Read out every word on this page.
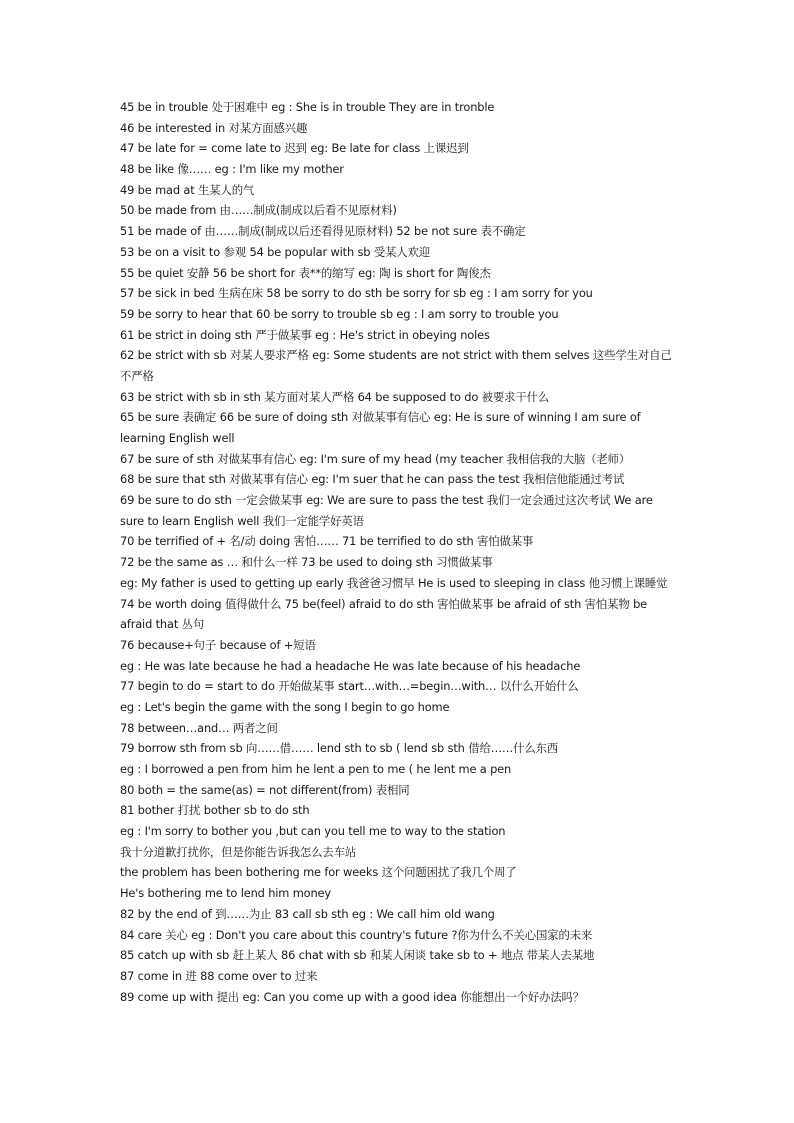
45 be in trouble 处于困难中 eg : She is in trouble They are in tronble
46 be interested in 对某方面感兴趣
47 be late for = come late to 迟到 eg: Be late for class 上课迟到
48 be like 像…… eg : I'm like my mother
49 be mad at 生某人的气
50 be made from 由……制成(制成以后看不见原材料)
51 be made of 由……制成(制成以后还看得见原材料) 52 be not sure 表不确定
53 be on a visit to 参观 54 be popular with sb 受某人欢迎
55 be quiet 安静 56 be short for 表**的缩写 eg: 陶 is short for 陶俊杰
57 be sick in bed 生病在床 58 be sorry to do sth be sorry for sb eg : I am sorry for you
59 be sorry to hear that 60 be sorry to trouble sb eg : I am sorry to trouble you
61 be strict in doing sth 严于做某事 eg : He's strict in obeying noles
62 be strict with sb 对某人要求严格 eg: Some students are not strict with them selves 这些学生对自己
不严格
63 be strict with sb in sth 某方面对某人严格 64 be supposed to do 被要求干什么
65 be sure 表确定 66 be sure of doing sth 对做某事有信心 eg: He is sure of winning I am sure of
learning English well
67 be sure of sth 对做某事有信心 eg: I'm sure of my head (my teacher 我相信我的大脑（老师）
68 be sure that sth 对做某事有信心 eg: I'm suer that he can pass the test 我相信他能通过考试
69 be sure to do sth 一定会做某事 eg: We are sure to pass the test 我们一定会通过这次考试 We are
sure to learn English well 我们一定能学好英语
70 be terrified of + 名/动 doing 害怕…… 71 be terrified to do sth 害怕做某事
72 be the same as … 和什么一样 73 be used to doing sth 习惯做某事
eg: My father is used to getting up early 我爸爸习惯早 He is used to sleeping in class 他习惯上课睡觉
74 be worth doing 值得做什么 75 be(feel) afraid to do sth 害怕做某事 be afraid of sth 害怕某物 be
afraid that 丛句
76 because+句子 because of +短语
eg : He was late because he had a headache He was late because of his headache
77 begin to do = start to do 开始做某事 start…with…=begin…with… 以什么开始什么
eg : Let's begin the game with the song I begin to go home
78 between…and… 两者之间
79 borrow sth from sb 向……借…… lend sth to sb ( lend sb sth 借给……什么东西
eg : I borrowed a pen from him he lent a pen to me ( he lent me a pen
80 both = the same(as) = not different(from) 表相同
81 bother 打扰 bother sb to do sth
eg : I'm sorry to bother you ,but can you tell me to way to the station
我十分道歉打扰你，但是你能告诉我怎么去车站
the problem has been bothering me for weeks 这个问题困扰了我几个周了
He's bothering me to lend him money
82 by the end of 到……为止 83 call sb sth eg : We call him old wang
84 care 关心 eg : Don't you care about this country's future ?你为什么不关心国家的未来
85 catch up with sb 赶上某人 86 chat with sb 和某人闲谈 take sb to + 地点 带某人去某地
87 come in 进 88 come over to 过来
89 come up with 提出 eg: Can you come up with a good idea 你能想出一个好办法吗？
